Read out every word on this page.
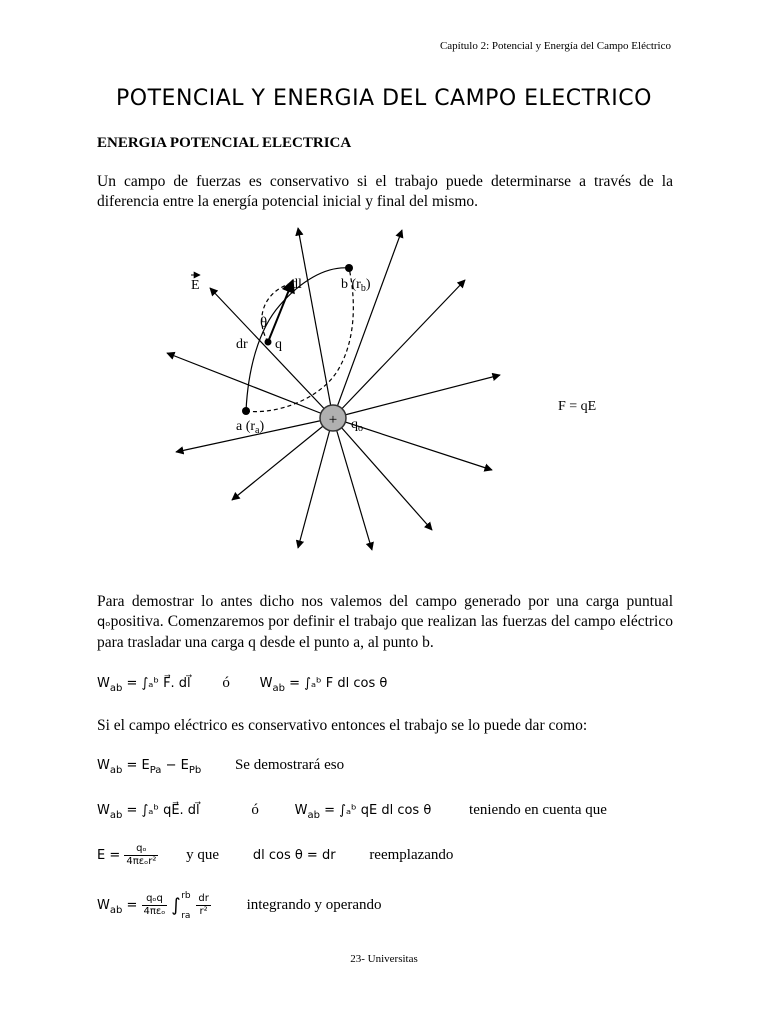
Capítulo 2: Potencial y Energía del Campo Eléctrico
POTENCIAL Y ENERGIA DEL CAMPO ELECTRICO
ENERGIA POTENCIAL ELECTRICA
Un campo de fuerzas es conservativo si el trabajo puede determinarse a través de la diferencia entre la energía potencial inicial y final del mismo.
+
E	dl	b $(r_b)$
θ
dr q
a $(r_a)$	$q_o$
F = qE
Para demostrar lo antes dicho nos valemos del campo generado por una carga puntual qₒpositiva. Comenzaremos por definir el trabajo que realizan las fuerzas del campo eléctrico para trasladar una carga q desde el punto a, al punto b.
$W_{ab}$ = ∫ₐᵇ F⃗. dl⃗ ó $W_{ab}$ = ∫ₐᵇ F dl cos θ
Si el campo eléctrico es conservativo entonces el trabajo se lo puede dar como:
$W_{ab} = E_{Pa} - E_{Pb}$ Se demostrará eso
$W_{ab}$ = ∫ₐᵇ qE⃗. dl⃗	ó	$W_{ab}$ = ∫ₐᵇ qE dl cos θ	teniendo en cuenta que
$E = \frac{\text{qₒ}}{\text{4πεₒr²}}$ y que	dl cos θ = dr reemplazando
$W_{ab} = \frac{\text{qₒq}}{\text{4πεₒ}}$ ∫ rb
ra
$\frac{dr}{\text{r²}}$ integrando y operando
23- Universitas
